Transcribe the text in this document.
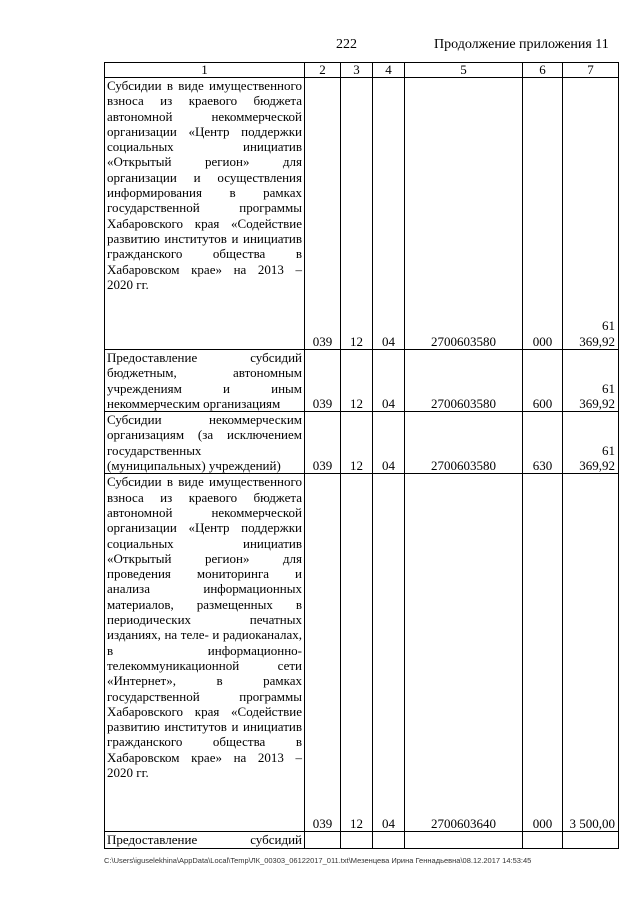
222	Продолжение приложения 11
1	2	3	4	5	6	7
Субсидии в виде имущественного взноса из краевого бюджета автономной некоммерческой организации «Центр поддержки социальных инициатив «Открытый регион» для организации и осуществления информирования в рамках государственной программы Хабаровского края «Содействие развитию институтов и инициатив гражданского общества в Хабаровском крае» на 2013 –
2020 гг.	039	12	04	2700603580	000	61 369,92
Предоставление субсидий бюджетным, автономным учреждениям и иным
некоммерческим организациям	039	12	04	2700603580	600	61 369,92
Субсидии некоммерческим организациям (за исключением государственных
(муниципальных) учреждений)	039	12	04	2700603580	630	61 369,92
Субсидии в виде имущественного взноса из краевого бюджета автономной некоммерческой организации «Центр поддержки социальных инициатив «Открытый регион» для проведения мониторинга и анализа информационных материалов, размещенных в периодических печатных изданиях, на теле- и радиоканалах, в информационно-телекоммуникационной сети «Интернет», в рамках государственной программы Хабаровского края «Содействие развитию институтов и инициатив гражданского общества в Хабаровском крае» на 2013 –
2020 гг.	039	12	04	2700603640	000	3 500,00
Предоставление субсидий

C:\Users\iguselekhina\AppData\Local\Temp\ЛК_00303_06122017_011.txt\Мезенцева Ирина Геннадьевна\08.12.2017 14:53:45
